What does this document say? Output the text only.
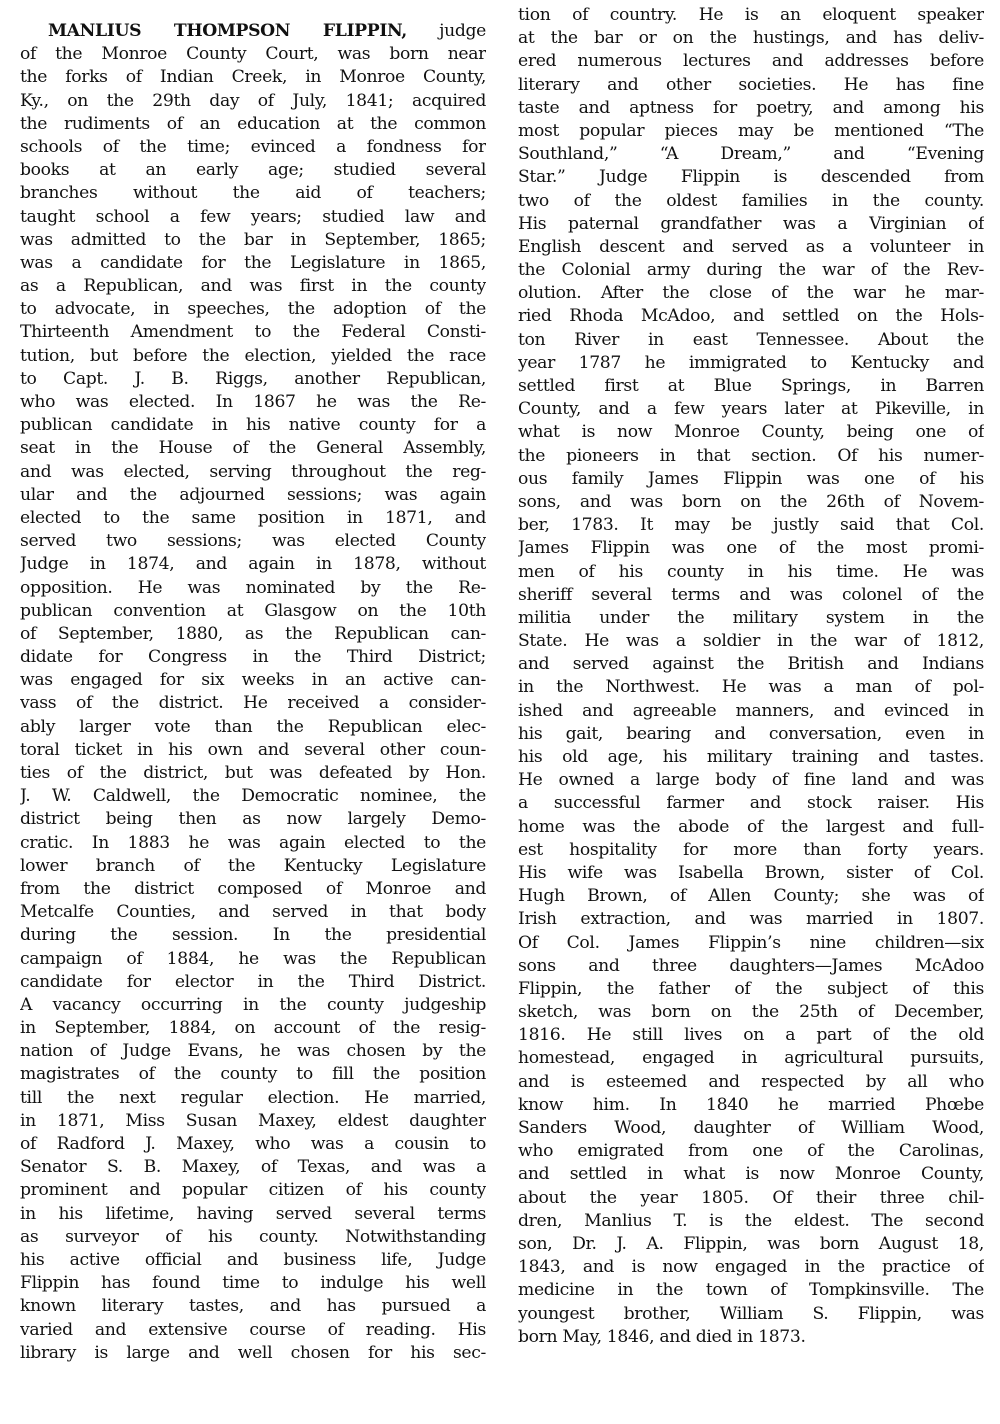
MANLIUS THOMPSON FLIPPIN, judge
of the Monroe County Court, was born near
the forks of Indian Creek, in Monroe County,
Ky., on the 29th day of July, 1841; acquired
the rudiments of an education at the common
schools of the time; evinced a fondness for
books at an early age; studied several
branches without the aid of teachers;
taught school a few years; studied law and
was admitted to the bar in September, 1865;
was a candidate for the Legislature in 1865,
as a Republican, and was first in the county
to advocate, in speeches, the adoption of the
Thirteenth Amendment to the Federal Consti-
tution, but before the election, yielded the race
to Capt. J. B. Riggs, another Republican,
who was elected. In 1867 he was the Re-
publican candidate in his native county for a
seat in the House of the General Assembly,
and was elected, serving throughout the reg-
ular and the adjourned sessions; was again
elected to the same position in 1871, and
served two sessions; was elected County
Judge in 1874, and again in 1878, without
opposition. He was nominated by the Re-
publican convention at Glasgow on the 10th
of September, 1880, as the Republican can-
didate for Congress in the Third District;
was engaged for six weeks in an active can-
vass of the district. He received a consider-
ably larger vote than the Republican elec-
toral ticket in his own and several other coun-
ties of the district, but was defeated by Hon.
J. W. Caldwell, the Democratic nominee, the
district being then as now largely Demo-
cratic. In 1883 he was again elected to the
lower branch of the Kentucky Legislature
from the district composed of Monroe and
Metcalfe Counties, and served in that body
during the session. In the presidential
campaign of 1884, he was the Republican
candidate for elector in the Third District.
A vacancy occurring in the county judgeship
in September, 1884, on account of the resig-
nation of Judge Evans, he was chosen by the
magistrates of the county to fill the position
till the next regular election. He married,
in 1871, Miss Susan Maxey, eldest daughter
of Radford J. Maxey, who was a cousin to
Senator S. B. Maxey, of Texas, and was a
prominent and popular citizen of his county
in his lifetime, having served several terms
as surveyor of his county. Notwithstanding
his active official and business life, Judge
Flippin has found time to indulge his well
known literary tastes, and has pursued a
varied and extensive course of reading. His
library is large and well chosen for his sec-
tion of country. He is an eloquent speaker
at the bar or on the hustings, and has deliv-
ered numerous lectures and addresses before
literary and other societies. He has fine
taste and aptness for poetry, and among his
most popular pieces may be mentioned “The
Southland,” “A Dream,” and “Evening
Star.” Judge Flippin is descended from
two of the oldest families in the county.
His paternal grandfather was a Virginian of
English descent and served as a volunteer in
the Colonial army during the war of the Rev-
olution. After the close of the war he mar-
ried Rhoda McAdoo, and settled on the Hols-
ton River in east Tennessee. About the
year 1787 he immigrated to Kentucky and
settled first at Blue Springs, in Barren
County, and a few years later at Pikeville, in
what is now Monroe County, being one of
the pioneers in that section. Of his numer-
ous family James Flippin was one of his
sons, and was born on the 26th of Novem-
ber, 1783. It may be justly said that Col.
James Flippin was one of the most promi-
men of his county in his time. He was
sheriff several terms and was colonel of the
militia under the military system in the
State. He was a soldier in the war of 1812,
and served against the British and Indians
in the Northwest. He was a man of pol-
ished and agreeable manners, and evinced in
his gait, bearing and conversation, even in
his old age, his military training and tastes.
He owned a large body of fine land and was
a successful farmer and stock raiser. His
home was the abode of the largest and full-
est hospitality for more than forty years.
His wife was Isabella Brown, sister of Col.
Hugh Brown, of Allen County; she was of
Irish extraction, and was married in 1807.
Of Col. James Flippin’s nine children—six
sons and three daughters—James McAdoo
Flippin, the father of the subject of this
sketch, was born on the 25th of December,
1816. He still lives on a part of the old
homestead, engaged in agricultural pursuits,
and is esteemed and respected by all who
know him. In 1840 he married Phœbe
Sanders Wood, daughter of William Wood,
who emigrated from one of the Carolinas,
and settled in what is now Monroe County,
about the year 1805. Of their three chil-
dren, Manlius T. is the eldest. The second
son, Dr. J. A. Flippin, was born August 18,
1843, and is now engaged in the practice of
medicine in the town of Tompkinsville. The
youngest brother, William S. Flippin, was
born May, 1846, and died in 1873.
